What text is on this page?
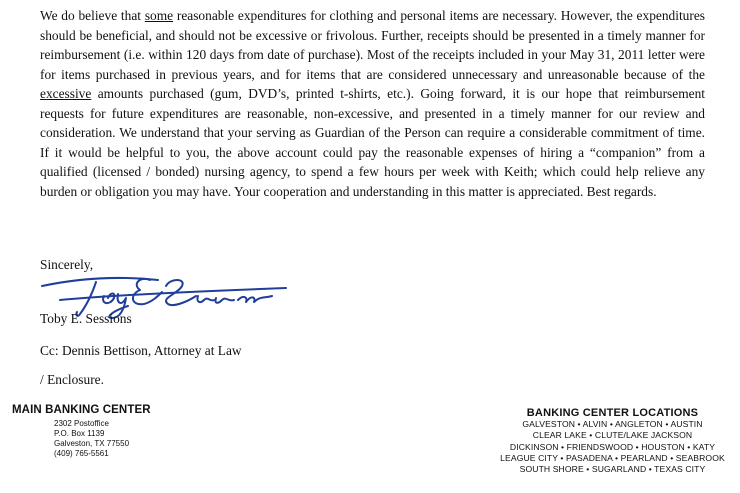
We do believe that some reasonable expenditures for clothing and personal items are necessary. However, the expenditures should be beneficial, and should not be excessive or frivolous. Further, receipts should be presented in a timely manner for reimbursement (i.e. within 120 days from date of purchase). Most of the receipts included in your May 31, 2011 letter were for items purchased in previous years, and for items that are considered unnecessary and unreasonable because of the excessive amounts purchased (gum, DVD’s, printed t-shirts, etc.). Going forward, it is our hope that reimbursement requests for future expenditures are reasonable, non-excessive, and presented in a timely manner for our review and consideration. We understand that your serving as Guardian of the Person can require a considerable commitment of time. If it would be helpful to you, the above account could pay the reasonable expenses of hiring a “companion” from a qualified (licensed / bonded) nursing agency, to spend a few hours per week with Keith; which could help relieve any burden or obligation you may have. Your cooperation and understanding in this matter is appreciated. Best regards.

Sincerely,
Toby E. Sessions
Cc: Dennis Bettison, Attorney at Law
/ Enclosure.
MAIN BANKING CENTER
2302 Postoffice
P.O. Box 1139
Galveston, TX 77550
(409) 765-5561
BANKING CENTER LOCATIONS
GALVESTON • ALVIN • ANGLETON • AUSTIN
CLEAR LAKE • CLUTE/LAKE JACKSON
DICKINSON • FRIENDSWOOD • HOUSTON • KATY
LEAGUE CITY • PASADENA • PEARLAND • SEABROOK
SOUTH SHORE • SUGARLAND • TEXAS CITY
